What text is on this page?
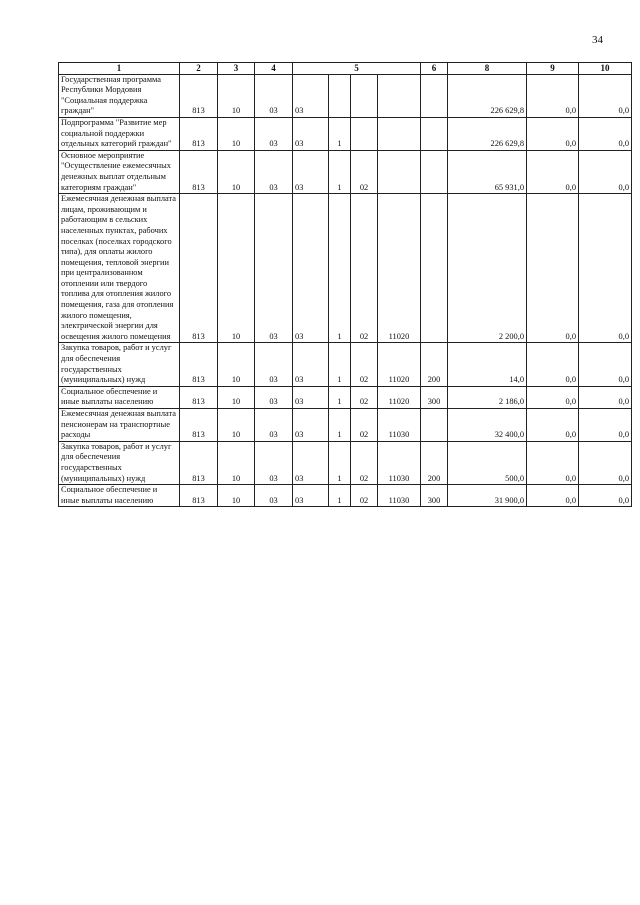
34
1	2	3	4	5				6	8	9	10
Государственная программа Республики Мордовия "Социальная поддержка граждан"	813	10	03	03					226 629,8	0,0	0,0
Подпрограмма "Развитие мер социальной поддержки отдельных категорий граждан"	813	10	03	03	1				226 629,8	0,0	0,0
Основное мероприятие "Осуществление ежемесячных денежных выплат отдельным категориям граждан"	813	10	03	03	1	02			65 931,0	0,0	0,0
Ежемесячная денежная выплата лицам, проживающим и работающим в сельских населенных пунктах, рабочих поселках (поселках городского типа), для оплаты жилого помещения, тепловой энергии при централизованном отоплении или твердого топлива для отопления жилого помещения, газа для отопления жилого помещения, электрической энергии для освещения жилого помещения	813	10	03	03	1	02	11020		2 200,0	0,0	0,0
Закупка товаров, работ и услуг для обеспечения государственных (муниципальных) нужд	813	10	03	03	1	02	11020	200	14,0	0,0	0,0
Социальное обеспечение и иные выплаты населению	813	10	03	03	1	02	11020	300	2 186,0	0,0	0,0
Ежемесячная денежная выплата пенсионерам на транспортные расходы	813	10	03	03	1	02	11030		32 400,0	0,0	0,0
Закупка товаров, работ и услуг для обеспечения государственных (муниципальных) нужд	813	10	03	03	1	02	11030	200	500,0	0,0	0,0
Социальное обеспечение и иные выплаты населению	813	10	03	03	1	02	11030	300	31 900,0	0,0	0,0
